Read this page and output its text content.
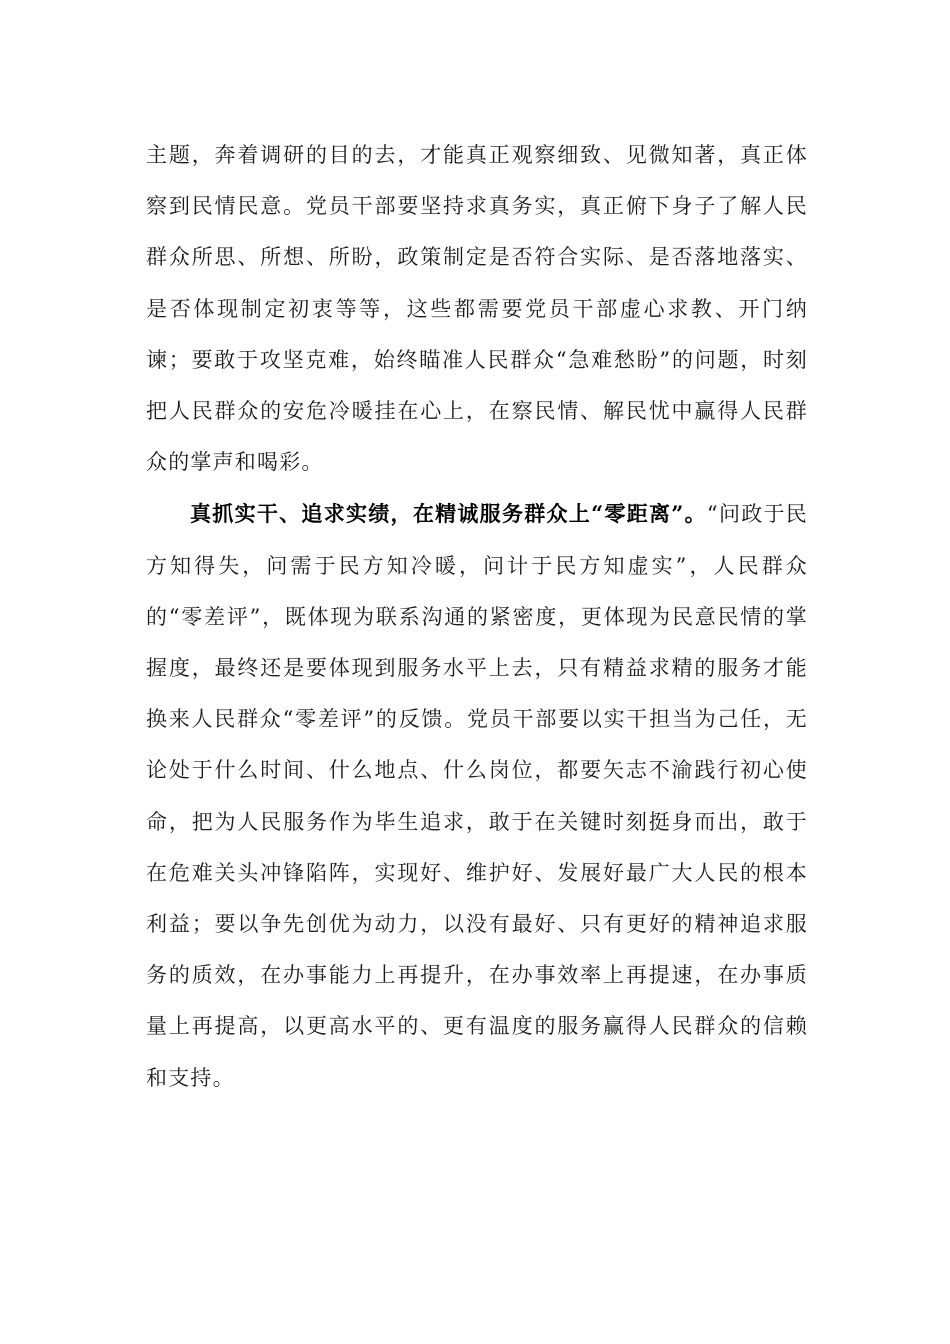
主题，奔着调研的目的去，才能真正观察细致、见微知著，真正体察到民情民意。党员干部要坚持求真务实，真正俯下身子了解人民群众所思、所想、所盼，政策制定是否符合实际、是否落地落实、是否体现制定初衷等等，这些都需要党员干部虚心求教、开门纳谏；要敢于攻坚克难，始终瞄准人民群众“急难愁盼”的问题，时刻把人民群众的安危冷暖挂在心上，在察民情、解民忧中赢得人民群众的掌声和喝彩。

真抓实干、追求实绩，在精诚服务群众上“零距离”。“问政于民方知得失，问需于民方知冷暖，问计于民方知虚实”，人民群众的“零差评”，既体现为联系沟通的紧密度，更体现为民意民情的掌握度，最终还是要体现到服务水平上去，只有精益求精的服务才能换来人民群众“零差评”的反馈。党员干部要以实干担当为己任，无论处于什么时间、什么地点、什么岗位，都要矢志不渝践行初心使命，把为人民服务作为毕生追求，敢于在关键时刻挺身而出，敢于在危难关头冲锋陷阵，实现好、维护好、发展好最广大人民的根本利益；要以争先创优为动力，以没有最好、只有更好的精神追求服务的质效，在办事能力上再提升，在办事效率上再提速，在办事质量上再提高，以更高水平的、更有温度的服务赢得人民群众的信赖和支持。
